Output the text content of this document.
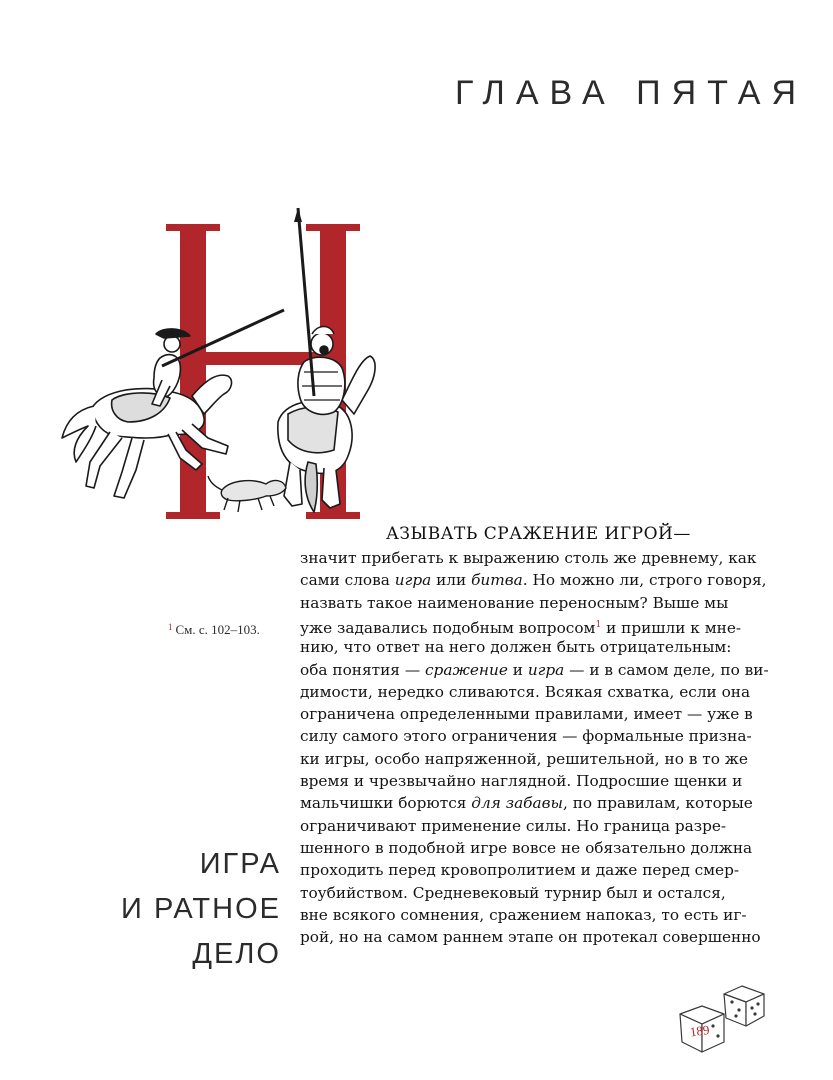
ГЛАВА ПЯТАЯ
АЗЫВАТЬ СРАЖЕНИЕ ИГРОЙ—
значит прибегать к выражению столь же древнему, как
сами слова игра или битва. Но можно ли, строго говоря,
назвать такое наименование переносным? Выше мы
уже задавались подобным вопросом$^1$ и пришли к мне-
нию, что ответ на него должен быть отрицательным:
оба понятия — сражение и игра — и в самом деле, по ви-
димости, нередко сливаются. Всякая схватка, если она
ограничена определенными правилами, имеет — уже в
силу самого этого ограничения — формальные призна-
ки игры, особо напряженной, решительной, но в то же
время и чрезвычайно наглядной. Подросшие щенки и
мальчишки борются для забавы, по правилам, которые
ограничивают применение силы. Но граница разре-
шенного в подобной игре вовсе не обязательно должна
проходить перед кровопролитием и даже перед смер-
тоубийством. Средневековый турнир был и остался,
вне всякого сомнения, сражением напоказ, то есть иг-
рой, но на самом раннем этапе он протекал совершенно
$^1$ См. с. 102–103.
ИГРА
И РАТНОЕ
ДЕЛО
189
